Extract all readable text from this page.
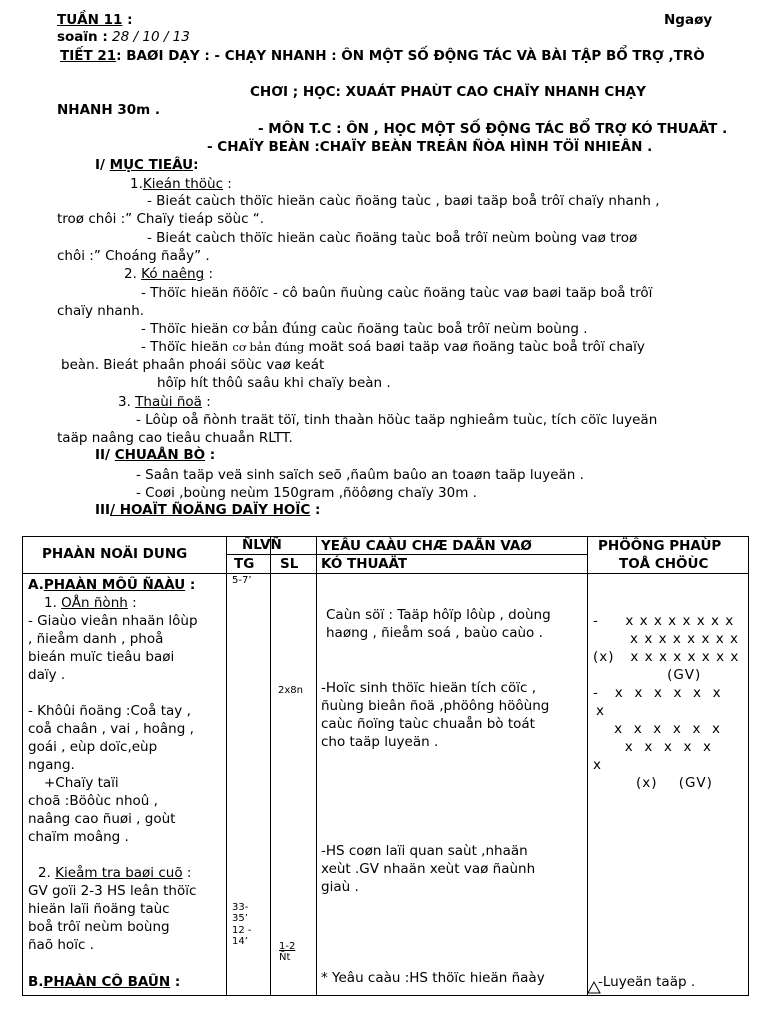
TUẦN 11 :	Ngaøy
soaïn : 28 / 10 / 13
TIẾT 21: BAØI DẠY : - CHẠY NHANH : ÔN MỘT SỐ ĐỘNG TÁC VÀ BÀI TẬP BỔ TRỢ ,TRÒ
CHƠI ; HỌC: XUAÁT PHAÙT CAO CHAÏY NHANH CHẠY
NHANH 30m .
- MÔN T.C : ÔN , HỌC MỘT SỐ ĐỘNG TÁC BỔ TRỢ KÓ THUAÄT .
- CHAÏY BEÀN :CHAÏY BEÀN TREÂN ÑÒA HÌNH TÖÏ NHIEÂN .
I/ MỤC TIEÂU:
1.Kieán thöùc :
- Bieát caùch thöïc hieän caùc ñoäng taùc , baøi taäp boå trôï chaïy nhanh ,
troø chôi :” Chaïy tieáp söùc “.
- Bieát caùch thöïc hieän caùc ñoäng taùc boå trôï neùm boùng vaø troø
chôi :” Choáng ñaåy” .
2. Kó naêng :
- Thöïc hieän ñöôïc - cô baûn ñuùng caùc ñoäng taùc vaø baøi taäp boå trôï
chaïy nhanh.
- Thöïc hieän cơ bản đúng caùc ñoäng taùc boå trôï neùm boùng .
- Thöïc hieän cơ bản đúng moät soá baøi taäp vaø ñoäng taùc boå trôï chaïy
beàn. Bieát phaân phoái söùc vaø keát
hôïp hít thôû saâu khi chaïy beàn .
3. Thaùi ñoä :
- Lôùp oå ñònh traät töï, tinh thaàn höùc taäp nghieâm tuùc, tích cöïc luyeän
taäp naâng cao tieâu chuaån RLTT.
II/ CHUAÅN BÒ :
- Saân taäp veä sinh saïch seõ ,ñaûm baûo an toaøn taäp luyeän .
- Coøi ,boùng neùm 150gram ,ñöôøng chaïy 30m .
III/ HOAÏT ÑOÄNG DAÏY HOÏC :
PHAÀN NOÄI DUNG
ÑLVÑ
TG SL
YEÂU CAÀU CHÆ DAÃN VAØ
KÓ THUAÄT
PHÖÔNG PHAÙP
TOÅ CHÖÙC
A.PHAÀN MÔÛ ÑAÀU :
1. OÅn ñònh :
- Giaùo vieân nhaän lôùp
, ñieåm danh , phoå
bieán muïc tieâu baøi
daïy .
- Khôûi ñoäng :Coå tay ,
coå chaân , vai , hoâng ,
goái , eùp doïc,eùp
ngang.
+Chaïy taïi
choã :Böôùc nhoû ,
naâng cao ñuøi , goùt
chaïm moâng .
2. Kieåm tra baøi cuõ :
GV goïi 2-3 HS leân thöïc
hieän laïi ñoäng taùc
boå trôï neùm boùng
ñaõ hoïc .
B.PHAÀN CÔ BAÛN :
5-7’
33-
35’
12 -
14’
2x8n
1-2
Ñt
Caùn söï : Taäp hôïp lôùp , doùng
haøng , ñieåm soá , baùo caùo .
-Hoïc sinh thöïc hieän tích cöïc ,
ñuùng bieân ñoä ,phöông höôùng
caùc ñoïng taùc chuaån bò toát
cho taäp luyeän .
-HS coøn laïi quan saùt ,nhaän
xeùt .GV nhaän xeùt vaø ñaùnh
giaù .
* Yeâu caàu :HS thöïc hieän ñaày
-     x x x x x x x x
x x x x x x x x
(x)   x x x x x x x x
(GV)
-   x  x  x  x  x  x
x
x  x  x  x  x  x
x  x  x  x  x
x
(x)    (GV)
-Luyeän taäp .
